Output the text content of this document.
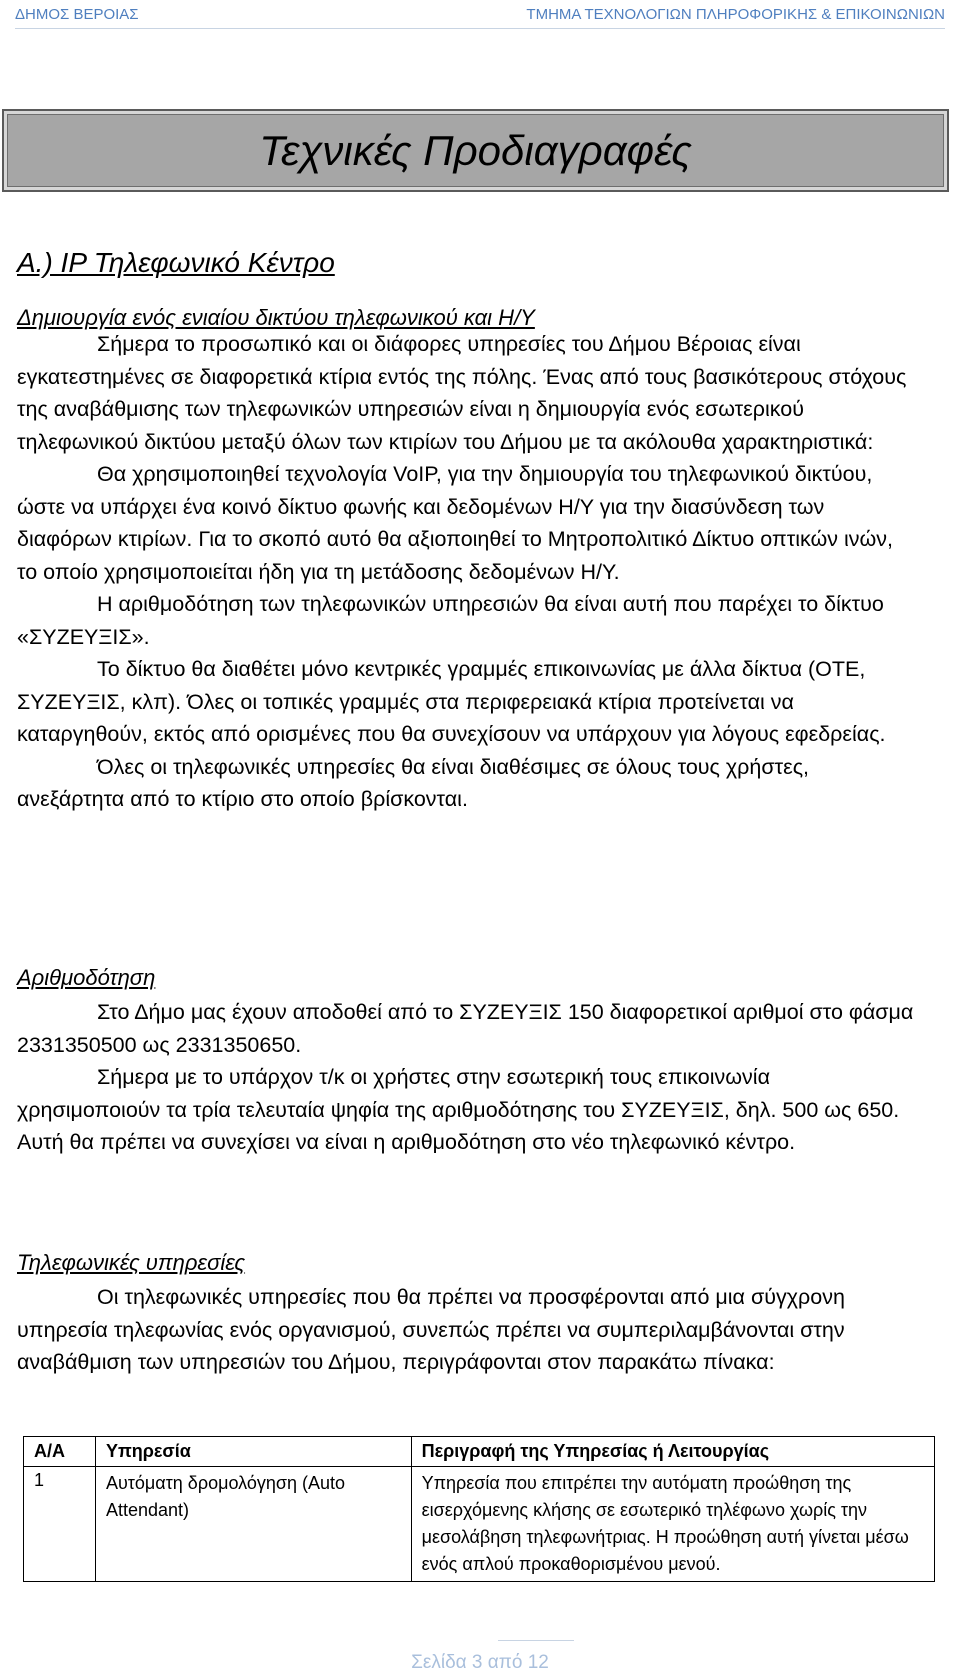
ΔΗΜΟΣ ΒΕΡΟΙΑΣ	ΤΜΗΜΑ ΤΕΧΝΟΛΟΓΙΩΝ ΠΛΗΡΟΦΟΡΙΚΗΣ & ΕΠΙΚΟΙΝΩΝΙΩΝ
Τεχνικές Προδιαγραφές
Α.) IP Τηλεφωνικό Κέντρο
Δημιουργία ενός ενιαίου δικτύου τηλεφωνικού και Η/Υ

Σήμερα το προσωπικό και οι διάφορες υπηρεσίες του Δήμου Βέροιας είναι εγκατεστημένες σε διαφορετικά κτίρια εντός της πόλης. Ένας από τους βασικότερους στόχους της αναβάθμισης των τηλεφωνικών υπηρεσιών είναι η δημιουργία ενός εσωτερικού τηλεφωνικού δικτύου μεταξύ όλων των κτιρίων του Δήμου με τα ακόλουθα χαρακτηριστικά:

Θα χρησιμοποιηθεί τεχνολογία VoIP, για την δημιουργία του τηλεφωνικού δικτύου, ώστε να υπάρχει ένα κοινό δίκτυο φωνής και δεδομένων Η/Υ για την διασύνδεση των διαφόρων κτιρίων. Για το σκοπό αυτό θα αξιοποιηθεί το Μητροπολιτικό Δίκτυο οπτικών ινών, το οποίο χρησιμοποιείται ήδη για τη μετάδοσης δεδομένων Η/Υ.

Η αριθμοδότηση των τηλεφωνικών υπηρεσιών θα είναι αυτή που παρέχει το δίκτυο «ΣΥΖΕΥΞΙΣ».

Το δίκτυο θα διαθέτει μόνο κεντρικές γραμμές επικοινωνίας με άλλα δίκτυα (ΟΤΕ, ΣΥΖΕΥΞΙΣ, κλπ). Όλες οι τοπικές γραμμές στα περιφερειακά κτίρια προτείνεται να καταργηθούν, εκτός από ορισμένες που θα συνεχίσουν να υπάρχουν για λόγους εφεδρείας.

Όλες οι τηλεφωνικές υπηρεσίες θα είναι διαθέσιμες σε όλους τους χρήστες, ανεξάρτητα από το κτίριο στο οποίο βρίσκονται.

Αριθμοδότηση

Στο Δήμο μας έχουν αποδοθεί από το ΣΥΖΕΥΞΙΣ 150 διαφορετικοί αριθμοί στο φάσμα 2331350500 ως 2331350650.

Σήμερα με το υπάρχον τ/κ οι χρήστες στην εσωτερική τους επικοινωνία χρησιμοποιούν τα τρία τελευταία ψηφία της αριθμοδότησης του ΣΥΖΕΥΞΙΣ, δηλ. 500 ως 650.

Αυτή θα πρέπει να συνεχίσει να είναι η αριθμοδότηση στο νέο τηλεφωνικό κέντρο.

Τηλεφωνικές υπηρεσίες

Οι τηλεφωνικές υπηρεσίες που θα πρέπει να προσφέρονται από μια σύγχρονη υπηρεσία τηλεφωνίας ενός οργανισμού, συνεπώς πρέπει να συμπεριλαμβάνονται στην αναβάθμιση των υπηρεσιών του Δήμου, περιγράφονται στον παρακάτω πίνακα:

Α/Α	Υπηρεσία	Περιγραφή της Υπηρεσίας ή Λειτουργίας
1	Αυτόματη δρομολόγηση (Auto Attendant)	Υπηρεσία που επιτρέπει την αυτόματη προώθηση της εισερχόμενης κλήσης σε εσωτερικό τηλέφωνο χωρίς την μεσολάβηση τηλεφωνήτριας. Η προώθηση αυτή γίνεται μέσω ενός απλού προκαθορισμένου μενού.
Σελίδα 3 από 12
